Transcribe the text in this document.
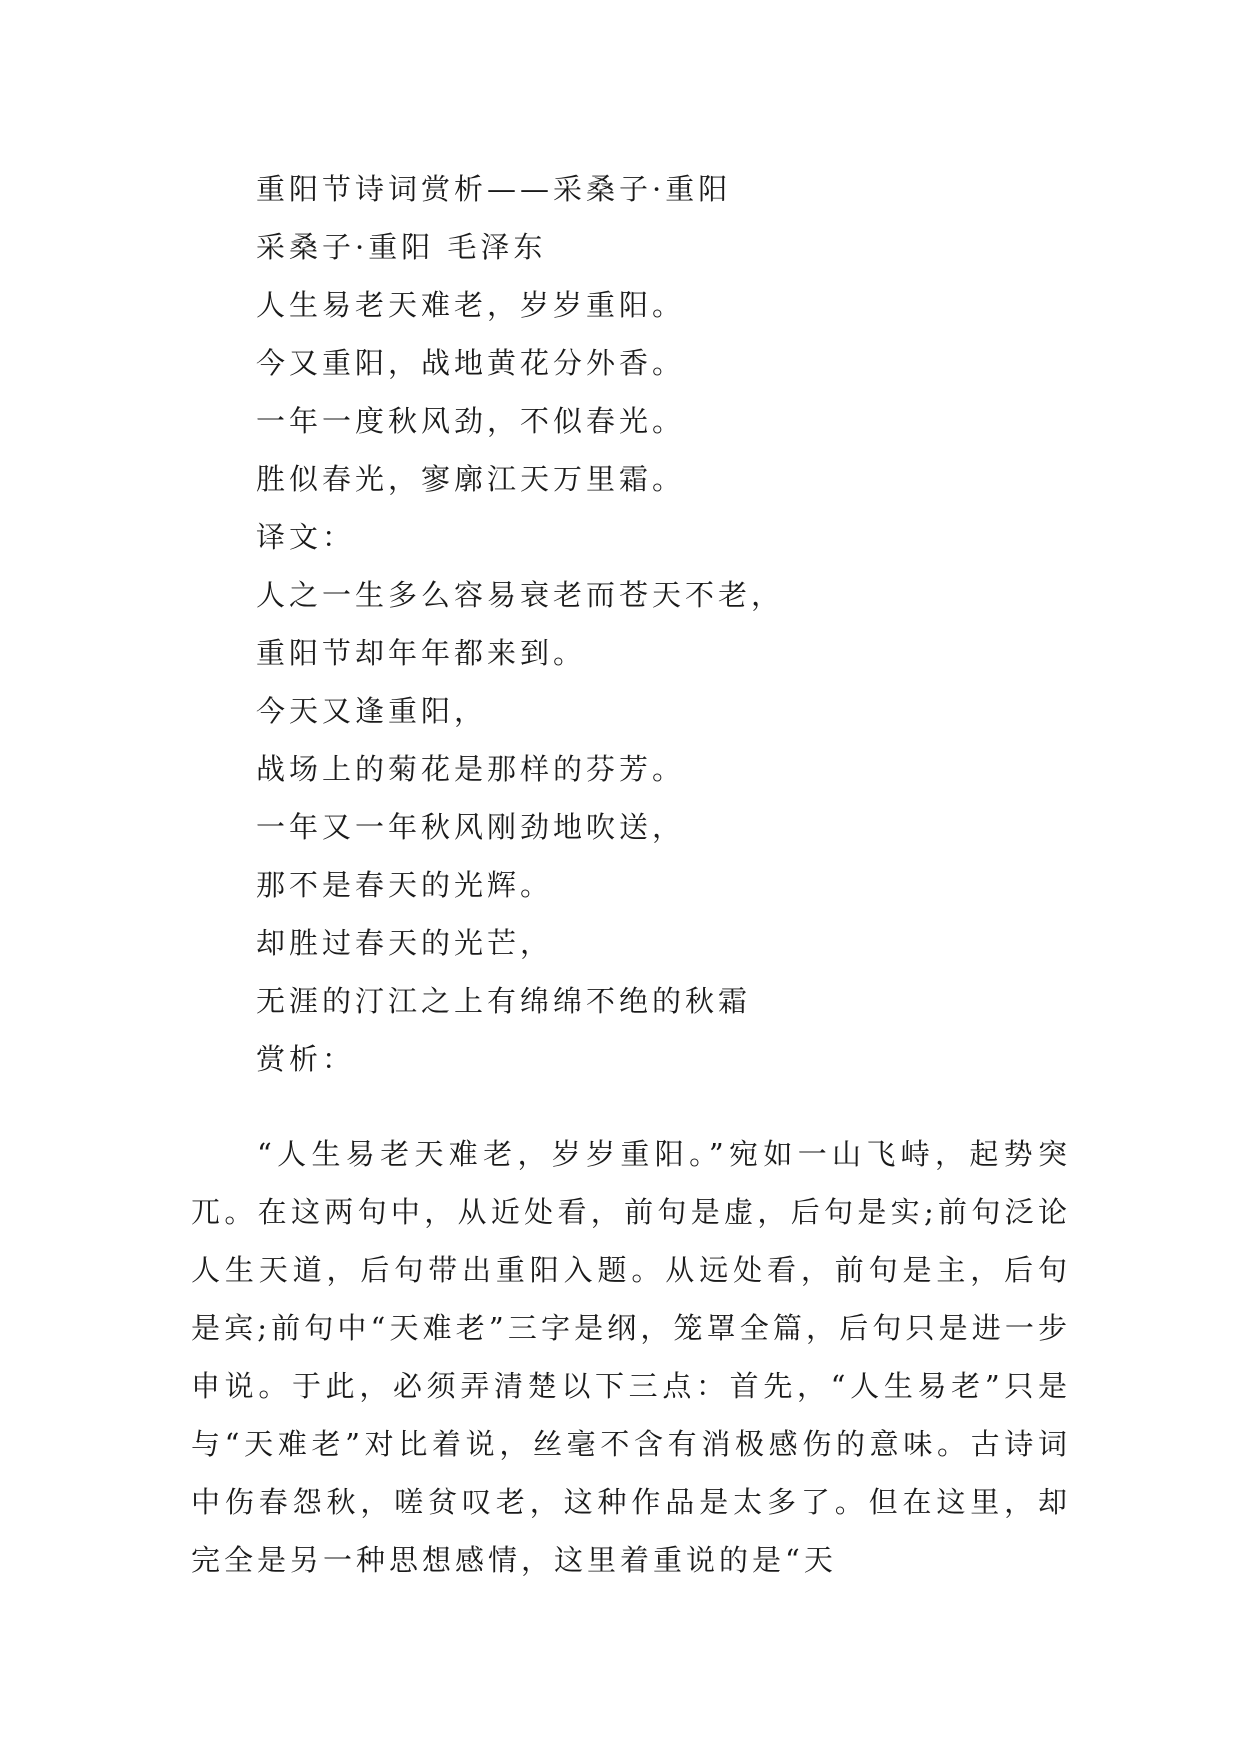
重阳节诗词赏析——采桑子·重阳
采桑子·重阳 毛泽东
人生易老天难老，岁岁重阳。
今又重阳，战地黄花分外香。
一年一度秋风劲，不似春光。
胜似春光，寥廓江天万里霜。
译文：
人之一生多么容易衰老而苍天不老，
重阳节却年年都来到。
今天又逢重阳，
战场上的菊花是那样的芬芳。
一年又一年秋风刚劲地吹送，
那不是春天的光辉。
却胜过春天的光芒，
无涯的汀江之上有绵绵不绝的秋霜
赏析：

“人生易老天难老，岁岁重阳。”宛如一山飞峙，起势突兀。在这两句中，从近处看，前句是虚，后句是实;前句泛论人生天道，后句带出重阳入题。从远处看，前句是主，后句是宾;前句中“天难老”三字是纲，笼罩全篇，后句只是进一步申说。于此，必须弄清楚以下三点：首先，“人生易老”只是与“天难老”对比着说，丝毫不含有消极感伤的意味。古诗词中伤春怨秋，嗟贫叹老，这种作品是太多了。但在这里，却完全是另一种思想感情，这里着重说的是“天
